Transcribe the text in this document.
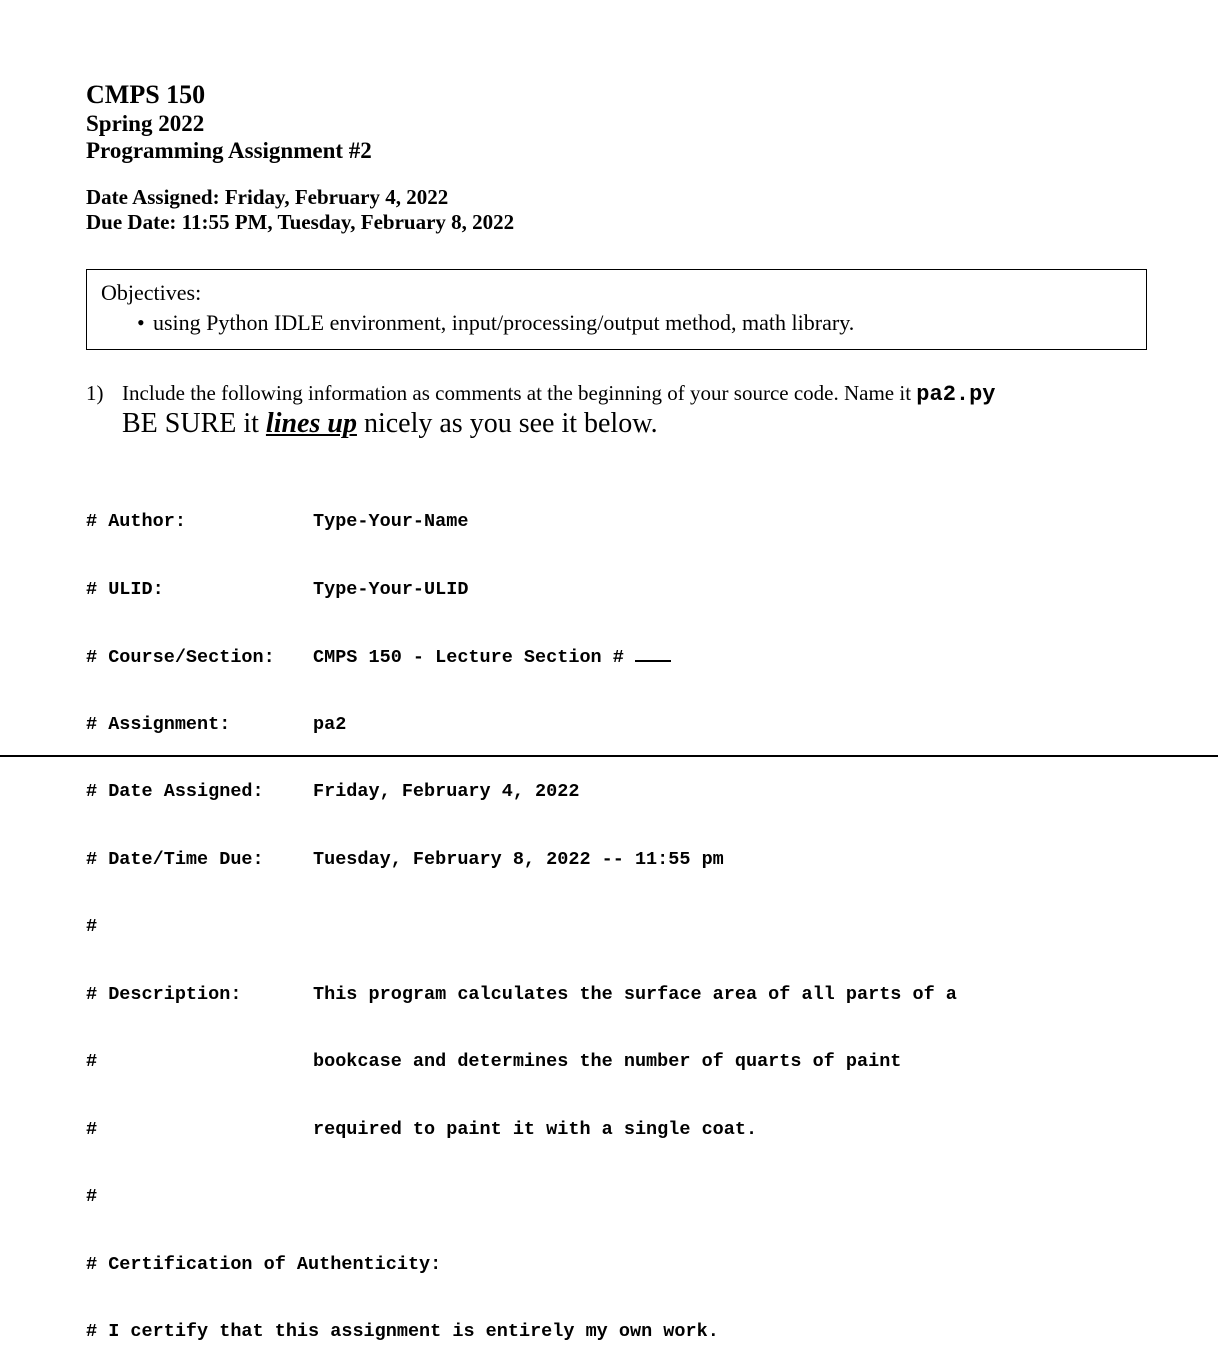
CMPS 150
Spring 2022
Programming Assignment #2
Date Assigned: Friday, February 4, 2022
Due Date: 11:55 PM, Tuesday, February 8, 2022
Objectives:
• using Python IDLE environment, input/processing/output method, math library.
1) Include the following information as comments at the beginning of your source code. Name it pa2.py
BE SURE it lines up nicely as you see it below.

# Author:	Type-Your-Name

# ULID:	Type-Your-ULID

# Course/Section: CMPS 150 - Lecture Section #

# Assignment:	pa2

# Date Assigned:	Friday, February 4, 2022

# Date/Time Due:	Tuesday, February 8, 2022 -- 11:55 pm

#

# Description:	This program calculates the surface area of all parts of a

#	bookcase and determines the number of quarts of paint

#	required to paint it with a single coat.

#

# Certification of Authenticity:

# I certify that this assignment is entirely my own work.
